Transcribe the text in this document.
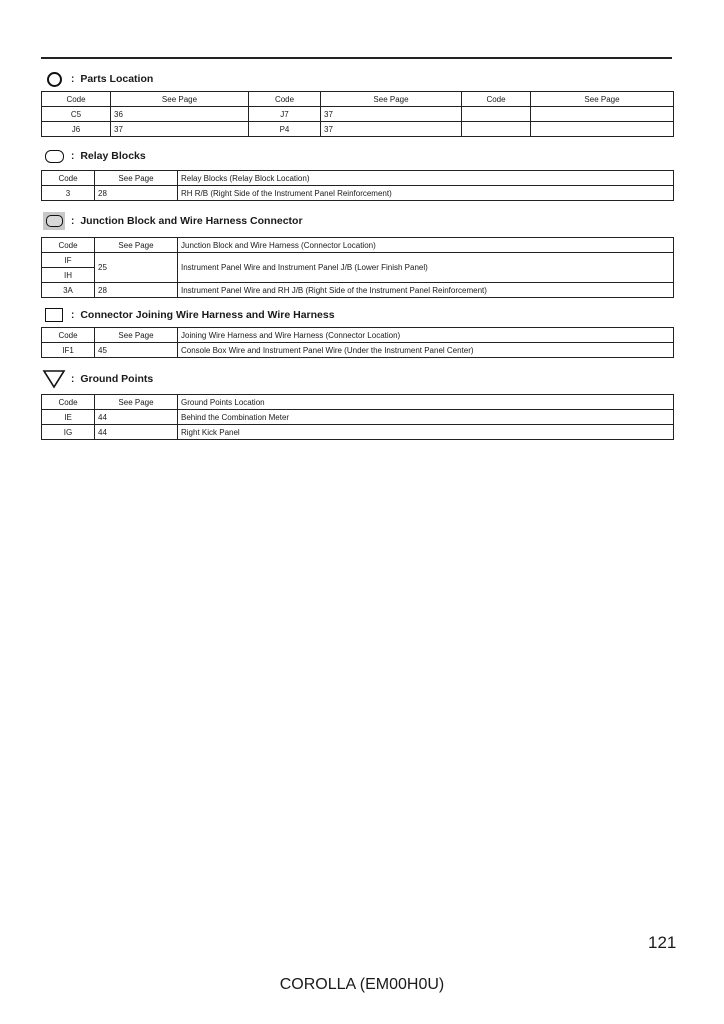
: Parts Location
Code	See Page	Code	See Page	Code	See Page
C5	36	J7	37		
J6	37	P4	37		
: Relay Blocks
Code	See Page	Relay Blocks (Relay Block Location)
3	28	RH R/B (Right Side of the Instrument Panel Reinforcement)
: Junction Block and Wire Harness Connector
Code	See Page	Junction Block and Wire Harness (Connector Location)
IF	25	Instrument Panel Wire and Instrument Panel J/B (Lower Finish Panel)
IH		
3A	28	Instrument Panel Wire and RH J/B (Right Side of the Instrument Panel Reinforcement)
: Connector Joining Wire Harness and Wire Harness
Code	See Page	Joining Wire Harness and Wire Harness (Connector Location)
IF1	45	Console Box Wire and Instrument Panel Wire (Under the Instrument Panel Center)
: Ground Points
Code	See Page	Ground Points Location
IE	44	Behind the Combination Meter
IG	44	Right Kick Panel
121
COROLLA (EM00H0U)
